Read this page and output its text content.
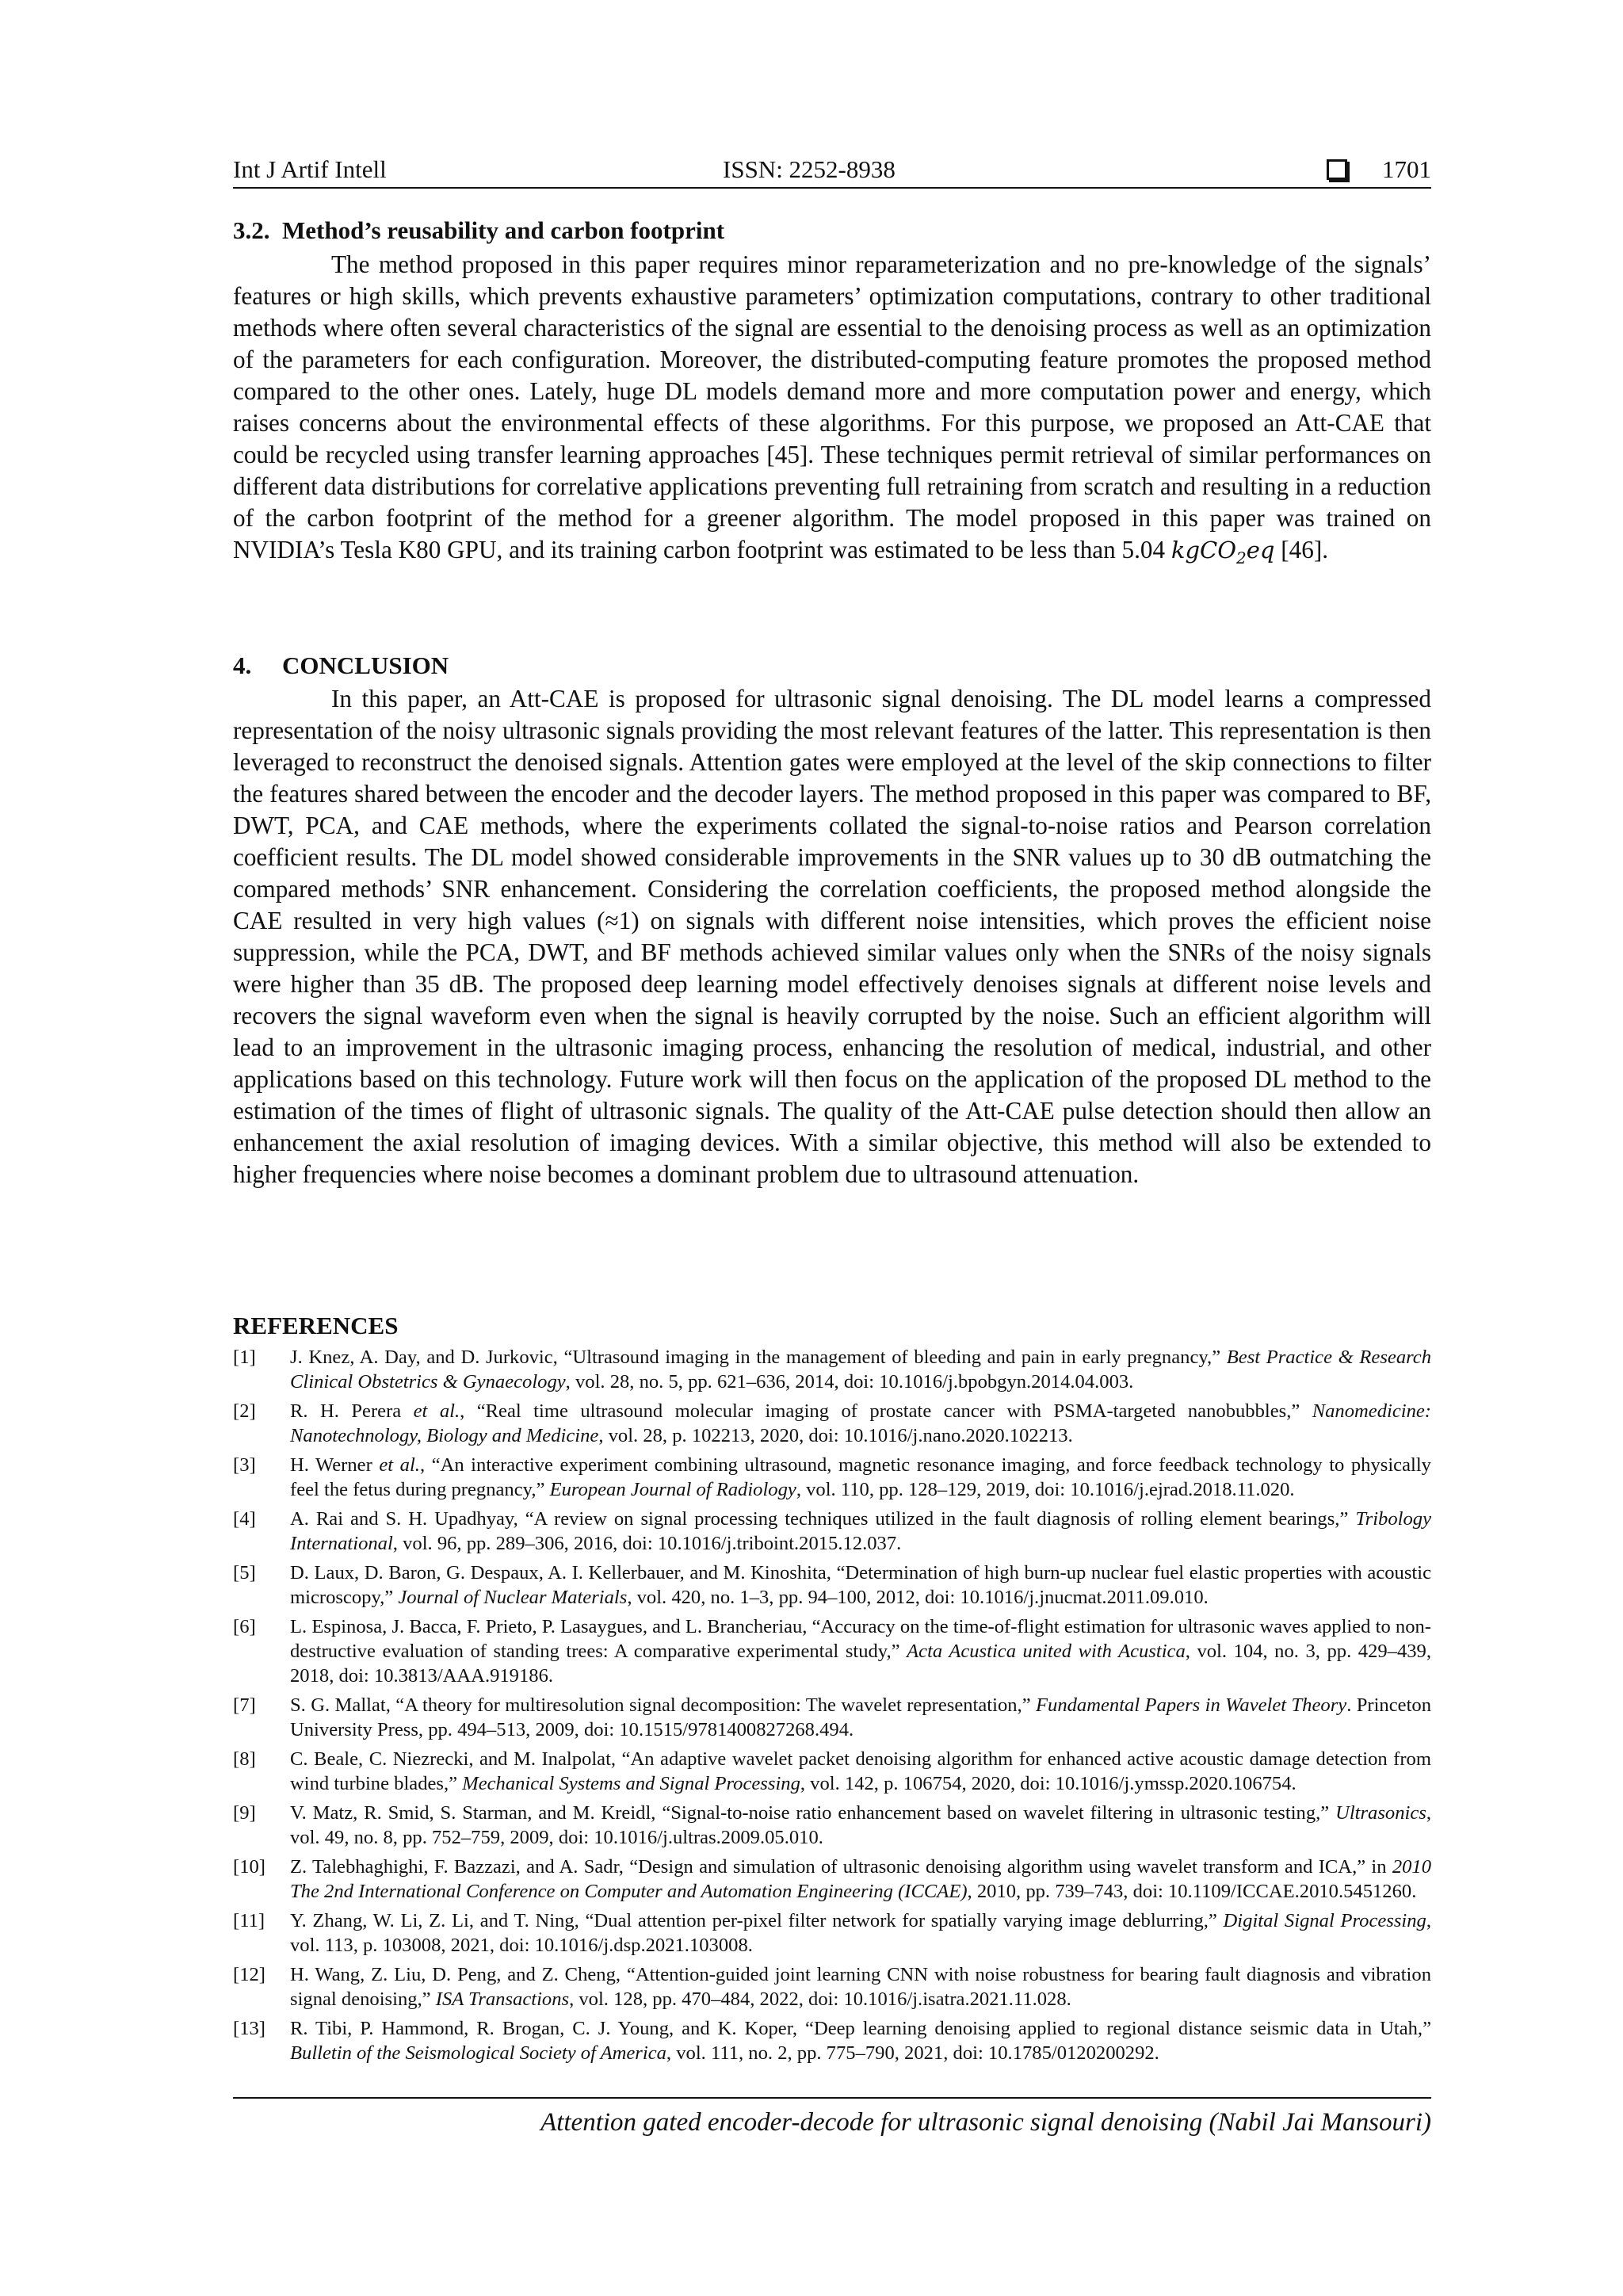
Int J Artif Intell	ISSN: 2252-8938	1701
3.2. Method’s reusability and carbon footprint
The method proposed in this paper requires minor reparameterization and no pre-knowledge of the signals’ features or high skills, which prevents exhaustive parameters’ optimization computations, contrary to other traditional methods where often several characteristics of the signal are essential to the denoising process as well as an optimization of the parameters for each configuration. Moreover, the distributed-computing feature promotes the proposed method compared to the other ones. Lately, huge DL models demand more and more computation power and energy, which raises concerns about the environmental effects of these algorithms. For this purpose, we proposed an Att-CAE that could be recycled using transfer learning approaches [45]. These techniques permit retrieval of similar performances on different data distributions for correlative applications preventing full retraining from scratch and resulting in a reduction of the carbon footprint of the method for a greener algorithm. The model proposed in this paper was trained on NVIDIA’s Tesla K80 GPU, and its training carbon footprint was estimated to be less than 5.04 kgCO$_2$eq [46].
4. CONCLUSION
In this paper, an Att-CAE is proposed for ultrasonic signal denoising. The DL model learns a compressed representation of the noisy ultrasonic signals providing the most relevant features of the latter. This representation is then leveraged to reconstruct the denoised signals. Attention gates were employed at the level of the skip connections to filter the features shared between the encoder and the decoder layers. The method proposed in this paper was compared to BF, DWT, PCA, and CAE methods, where the experiments collated the signal-to-noise ratios and Pearson correlation coefficient results. The DL model showed considerable improvements in the SNR values up to 30 dB outmatching the compared methods’ SNR enhancement. Considering the correlation coefficients, the proposed method alongside the CAE resulted in very high values (≈1) on signals with different noise intensities, which proves the efficient noise suppression, while the PCA, DWT, and BF methods achieved similar values only when the SNRs of the noisy signals were higher than 35 dB. The proposed deep learning model effectively denoises signals at different noise levels and recovers the signal waveform even when the signal is heavily corrupted by the noise. Such an efficient algorithm will lead to an improvement in the ultrasonic imaging process, enhancing the resolution of medical, industrial, and other applications based on this technology. Future work will then focus on the application of the proposed DL method to the estimation of the times of flight of ultrasonic signals. The quality of the Att-CAE pulse detection should then allow an enhancement the axial resolution of imaging devices. With a similar objective, this method will also be extended to higher frequencies where noise becomes a dominant problem due to ultrasound attenuation.
REFERENCES
[1]	J. Knez, A. Day, and D. Jurkovic, “Ultrasound imaging in the management of bleeding and pain in early pregnancy,” Best Practice & Research Clinical Obstetrics & Gynaecology, vol. 28, no. 5, pp. 621–636, 2014, doi: 10.1016/j.bpobgyn.2014.04.003.
[2]	R. H. Perera et al., “Real time ultrasound molecular imaging of prostate cancer with PSMA-targeted nanobubbles,” Nanomedicine: Nanotechnology, Biology and Medicine, vol. 28, p. 102213, 2020, doi: 10.1016/j.nano.2020.102213.
[3]	H. Werner et al., “An interactive experiment combining ultrasound, magnetic resonance imaging, and force feedback technology to physically feel the fetus during pregnancy,” European Journal of Radiology, vol. 110, pp. 128–129, 2019, doi: 10.1016/j.ejrad.2018.11.020.
[4]	A. Rai and S. H. Upadhyay, “A review on signal processing techniques utilized in the fault diagnosis of rolling element bearings,” Tribology International, vol. 96, pp. 289–306, 2016, doi: 10.1016/j.triboint.2015.12.037.
[5]	D. Laux, D. Baron, G. Despaux, A. I. Kellerbauer, and M. Kinoshita, “Determination of high burn-up nuclear fuel elastic properties with acoustic microscopy,” Journal of Nuclear Materials, vol. 420, no. 1–3, pp. 94–100, 2012, doi: 10.1016/j.jnucmat.2011.09.010.
[6]	L. Espinosa, J. Bacca, F. Prieto, P. Lasaygues, and L. Brancheriau, “Accuracy on the time-of-flight estimation for ultrasonic waves applied to non-destructive evaluation of standing trees: A comparative experimental study,” Acta Acustica united with Acustica, vol. 104, no. 3, pp. 429–439, 2018, doi: 10.3813/AAA.919186.
[7]	S. G. Mallat, “A theory for multiresolution signal decomposition: The wavelet representation,” Fundamental Papers in Wavelet Theory. Princeton University Press, pp. 494–513, 2009, doi: 10.1515/9781400827268.494.
[8]	C. Beale, C. Niezrecki, and M. Inalpolat, “An adaptive wavelet packet denoising algorithm for enhanced active acoustic damage detection from wind turbine blades,” Mechanical Systems and Signal Processing, vol. 142, p. 106754, 2020, doi: 10.1016/j.ymssp.2020.106754.
[9]	V. Matz, R. Smid, S. Starman, and M. Kreidl, “Signal-to-noise ratio enhancement based on wavelet filtering in ultrasonic testing,” Ultrasonics, vol. 49, no. 8, pp. 752–759, 2009, doi: 10.1016/j.ultras.2009.05.010.
[10]	Z. Talebhaghighi, F. Bazzazi, and A. Sadr, “Design and simulation of ultrasonic denoising algorithm using wavelet transform and ICA,” in 2010 The 2nd International Conference on Computer and Automation Engineering (ICCAE), 2010, pp. 739–743, doi: 10.1109/ICCAE.2010.5451260.
[11]	Y. Zhang, W. Li, Z. Li, and T. Ning, “Dual attention per-pixel filter network for spatially varying image deblurring,” Digital Signal Processing, vol. 113, p. 103008, 2021, doi: 10.1016/j.dsp.2021.103008.
[12]	H. Wang, Z. Liu, D. Peng, and Z. Cheng, “Attention-guided joint learning CNN with noise robustness for bearing fault diagnosis and vibration signal denoising,” ISA Transactions, vol. 128, pp. 470–484, 2022, doi: 10.1016/j.isatra.2021.11.028.
[13]	R. Tibi, P. Hammond, R. Brogan, C. J. Young, and K. Koper, “Deep learning denoising applied to regional distance seismic data in Utah,” Bulletin of the Seismological Society of America, vol. 111, no. 2, pp. 775–790, 2021, doi: 10.1785/0120200292.
Attention gated encoder-decode for ultrasonic signal denoising (Nabil Jai Mansouri)
